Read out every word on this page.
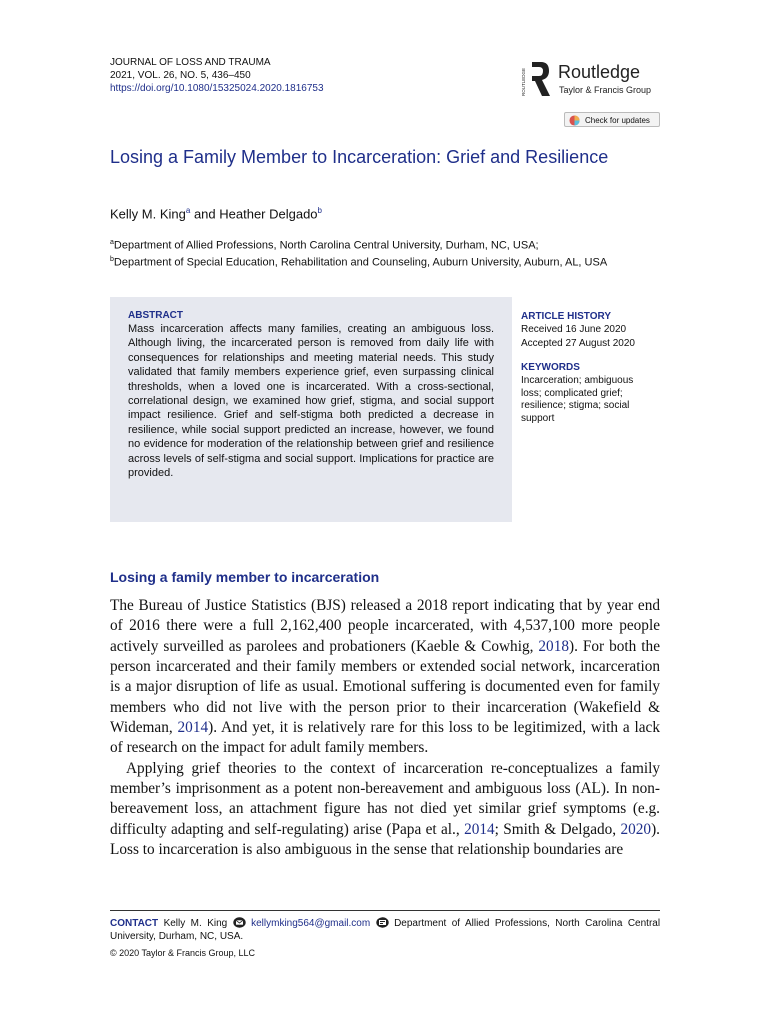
JOURNAL OF LOSS AND TRAUMA
2021, VOL. 26, NO. 5, 436–450
https://doi.org/10.1080/15325024.2020.1816753	ROUTLEDGE Routledge
Taylor & Francis Group
Check for updates
Losing a Family Member to Incarceration: Grief and Resilience
Kelly M. King$^a$ and Heather Delgado$^b$
$^a$Department of Allied Professions, North Carolina Central University, Durham, NC, USA;
$^b$Department of Special Education, Rehabilitation and Counseling, Auburn University, Auburn, AL, USA
ABSTRACT
Mass incarceration affects many families, creating an ambiguous loss. Although living, the incarcerated person is removed from daily life with consequences for relationships and meeting material needs. This study validated that family members experience grief, even surpassing clinical thresholds, when a loved one is incarcerated. With a cross-sectional, correlational design, we examined how grief, stigma, and social support impact resilience. Grief and self-stigma both predicted a decrease in resilience, while social support predicted an increase, however, we found no evidence for moderation of the relationship between grief and resilience across levels of self-stigma and social support. Implications for practice are provided.
ARTICLE HISTORY
Received 16 June 2020
Accepted 27 August 2020
KEYWORDS
Incarceration; ambiguous loss; complicated grief; resilience; stigma; social support
Losing a family member to incarceration

The Bureau of Justice Statistics (BJS) released a 2018 report indicating that by year end of 2016 there were a full 2,162,400 people incarcerated, with 4,537,100 more people actively surveilled as parolees and probationers (Kaeble & Cowhig, 2018). For both the person incarcerated and their family members or extended social network, incarceration is a major disruption of life as usual. Emotional suffering is documented even for family members who did not live with the person prior to their incarceration (Wakefield & Wideman, 2014). And yet, it is relatively rare for this loss to be legitimized, with a lack of research on the impact for adult family members.

Applying grief theories to the context of incarceration re-conceptualizes a family member’s imprisonment as a potent non-bereavement and ambiguous loss (AL). In non-bereavement loss, an attachment figure has not died yet similar grief symptoms (e.g. difficulty adapting and self-regulating) arise (Papa et al., 2014; Smith & Delgado, 2020). Loss to incarceration is also ambiguous in the sense that relationship boundaries are

CONTACT Kelly M. King kellymking564@gmail.com Department of Allied Professions, North Carolina Central University, Durham, NC, USA.
© 2020 Taylor & Francis Group, LLC
